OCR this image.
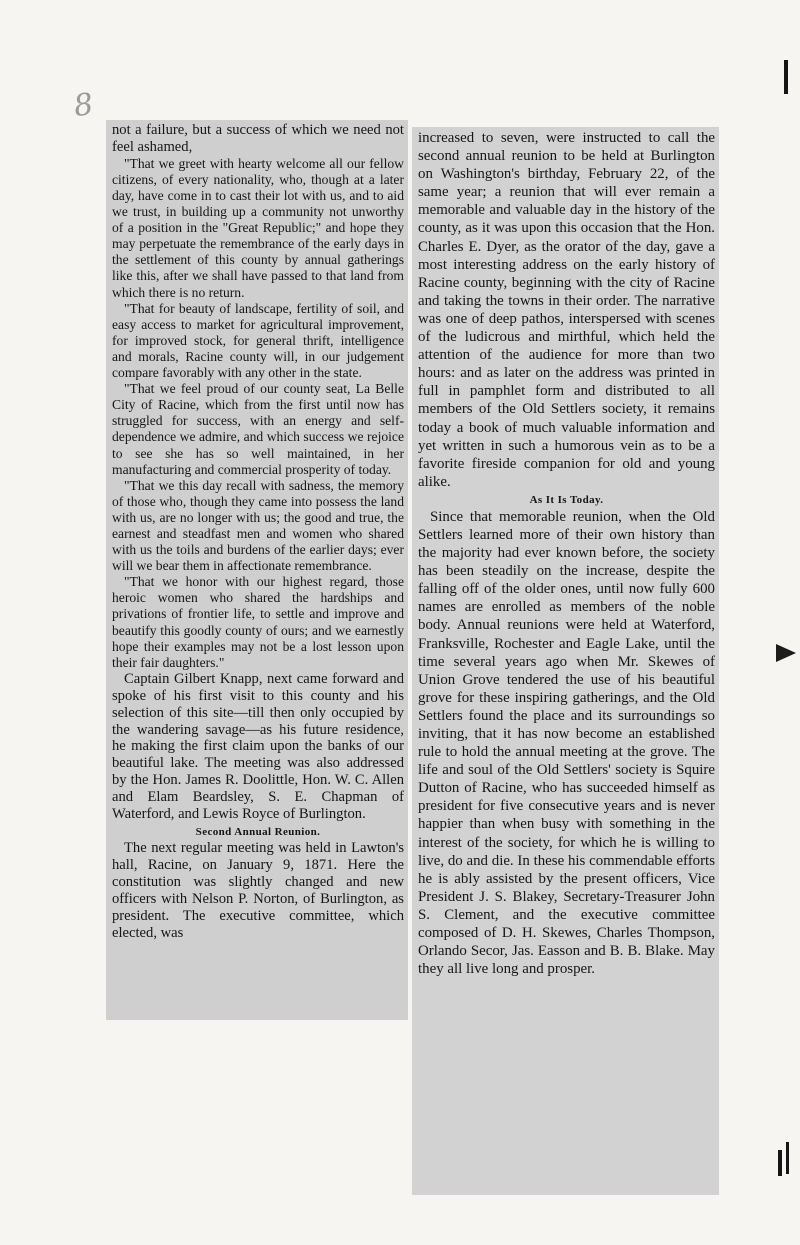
8

not a failure, but a success of which we need not feel ashamed,

"That we greet with hearty welcome all our fellow citizens, of every nationality, who, though at a later day, have come in to cast their lot with us, and to aid we trust, in building up a community not unworthy of a position in the "Great Republic;" and hope they may perpetuate the remembrance of the early days in the settlement of this county by annual gatherings like this, after we shall have passed to that land from which there is no return.

"That for beauty of landscape, fertility of soil, and easy access to market for agricultural improvement, for improved stock, for general thrift, intelligence and morals, Racine county will, in our judgement compare favorably with any other in the state.

"That we feel proud of our county seat, La Belle City of Racine, which from the first until now has struggled for success, with an energy and self-dependence we admire, and which success we rejoice to see she has so well maintained, in her manufacturing and commercial prosperity of today.

"That we this day recall with sadness, the memory of those who, though they came into possess the land with us, are no longer with us; the good and true, the earnest and steadfast men and women who shared with us the toils and burdens of the earlier days; ever will we bear them in affectionate remembrance.

"That we honor with our highest regard, those heroic women who shared the hardships and privations of frontier life, to settle and improve and beautify this goodly county of ours; and we earnestly hope their examples may not be a lost lesson upon their fair daughters."

Captain Gilbert Knapp, next came forward and spoke of his first visit to this county and his selection of this site—till then only occupied by the wandering savage—as his future residence, he making the first claim upon the banks of our beautiful lake. The meeting was also addressed by the Hon. James R. Doolittle, Hon. W. C. Allen and Elam Beardsley, S. E. Chapman of Waterford, and Lewis Royce of Burlington.

Second Annual Reunion.

The next regular meeting was held in Lawton's hall, Racine, on January 9, 1871. Here the constitution was slightly changed and new officers with Nelson P. Norton, of Burlington, as president. The executive committee, which elected, was

increased to seven, were instructed to call the second annual reunion to be held at Burlington on Washington's birthday, February 22, of the same year; a reunion that will ever remain a memorable and valuable day in the history of the county, as it was upon this occasion that the Hon. Charles E. Dyer, as the orator of the day, gave a most interesting address on the early history of Racine county, beginning with the city of Racine and taking the towns in their order. The narrative was one of deep pathos, interspersed with scenes of the ludicrous and mirthful, which held the attention of the audience for more than two hours: and as later on the address was printed in full in pamphlet form and distributed to all members of the Old Settlers society, it remains today a book of much valuable information and yet written in such a humorous vein as to be a favorite fireside companion for old and young alike.

As It Is Today.

Since that memorable reunion, when the Old Settlers learned more of their own history than the majority had ever known before, the society has been steadily on the increase, despite the falling off of the older ones, until now fully 600 names are enrolled as members of the noble body. Annual reunions were held at Waterford, Franksville, Rochester and Eagle Lake, until the time several years ago when Mr. Skewes of Union Grove tendered the use of his beautiful grove for these inspiring gatherings, and the Old Settlers found the place and its surroundings so inviting, that it has now become an established rule to hold the annual meeting at the grove. The life and soul of the Old Settlers' society is Squire Dutton of Racine, who has succeeded himself as president for five consecutive years and is never happier than when busy with something in the interest of the society, for which he is willing to live, do and die. In these his commendable efforts he is ably assisted by the present officers, Vice President J. S. Blakey, Secretary-Treasurer John S. Clement, and the executive committee composed of D. H. Skewes, Charles Thompson, Orlando Secor, Jas. Easson and B. B. Blake. May they all live long and prosper.
